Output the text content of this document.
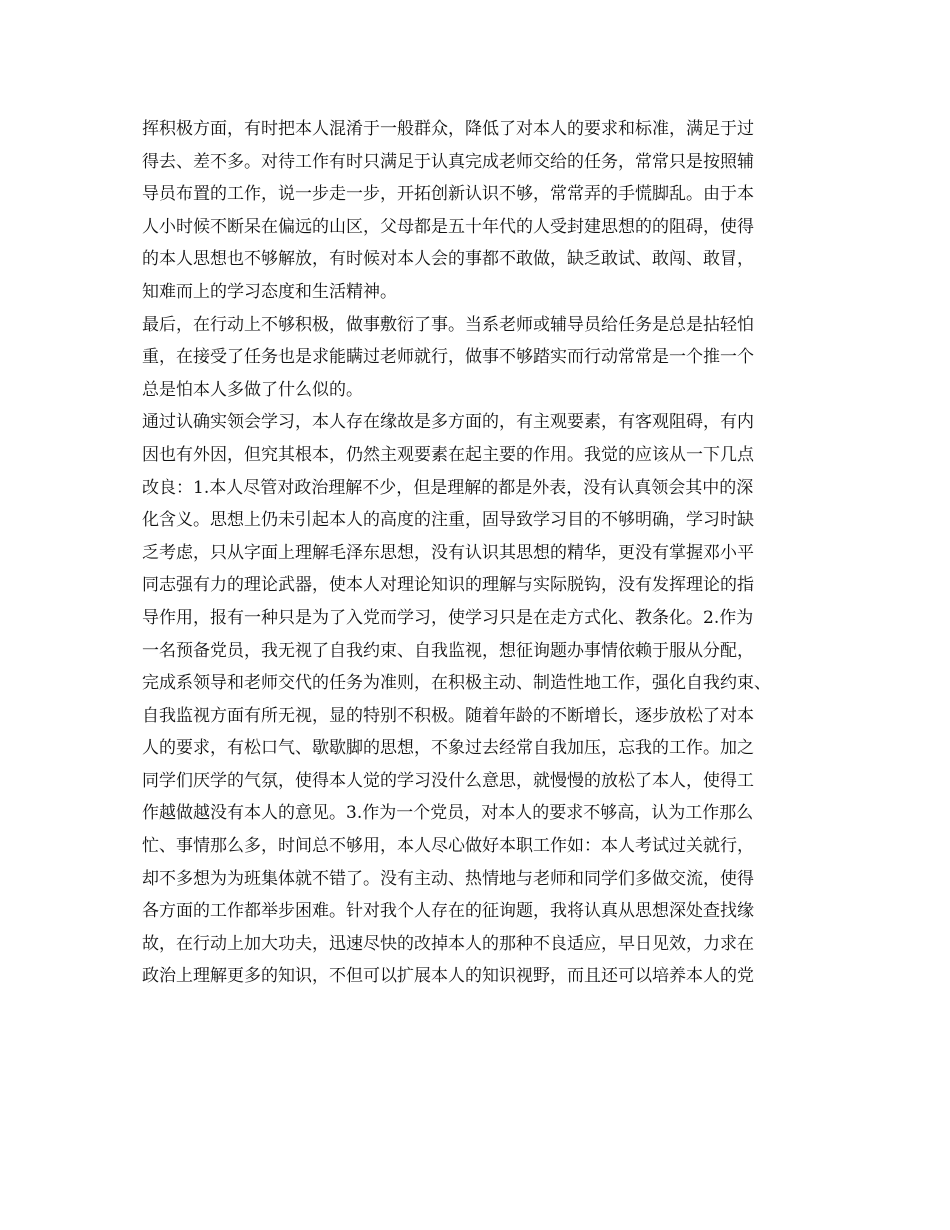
挥积极方面，有时把本人混淆于一般群众，降低了对本人的要求和标准，满足于过
得去、差不多。对待工作有时只满足于认真完成老师交给的任务，常常只是按照辅
导员布置的工作，说一步走一步，开拓创新认识不够，常常弄的手慌脚乱。由于本
人小时候不断呆在偏远的山区，父母都是五十年代的人受封建思想的的阻碍，使得
的本人思想也不够解放，有时候对本人会的事都不敢做，缺乏敢试、敢闯、敢冒，
知难而上的学习态度和生活精神。
最后，在行动上不够积极，做事敷衍了事。当系老师或辅导员给任务是总是拈轻怕
重，在接受了任务也是求能瞒过老师就行，做事不够踏实而行动常常是一个推一个
总是怕本人多做了什么似的。
通过认确实领会学习，本人存在缘故是多方面的，有主观要素，有客观阻碍，有内
因也有外因，但究其根本，仍然主观要素在起主要的作用。我觉的应该从一下几点
改良：1.本人尽管对政治理解不少，但是理解的都是外表，没有认真领会其中的深
化含义。思想上仍未引起本人的高度的注重，固导致学习目的不够明确，学习时缺
乏考虑，只从字面上理解毛泽东思想，没有认识其思想的精华，更没有掌握邓小平
同志强有力的理论武器，使本人对理论知识的理解与实际脱钩，没有发挥理论的指
导作用，报有一种只是为了入党而学习，使学习只是在走方式化、教条化。2.作为
一名预备党员，我无视了自我约束、自我监视，想征询题办事情依赖于服从分配，
完成系领导和老师交代的任务为准则，在积极主动、制造性地工作，强化自我约束、
自我监视方面有所无视，显的特别不积极。随着年龄的不断增长，逐步放松了对本
人的要求，有松口气、歇歇脚的思想，不象过去经常自我加压，忘我的工作。加之
同学们厌学的气氛，使得本人觉的学习没什么意思，就慢慢的放松了本人，使得工
作越做越没有本人的意见。3.作为一个党员，对本人的要求不够高，认为工作那么
忙、事情那么多，时间总不够用，本人尽心做好本职工作如：本人考试过关就行，
却不多想为为班集体就不错了。没有主动、热情地与老师和同学们多做交流，使得
各方面的工作都举步困难。针对我个人存在的征询题，我将认真从思想深处查找缘
故，在行动上加大功夫，迅速尽快的改掉本人的那种不良适应，早日见效，力求在
政治上理解更多的知识，不但可以扩展本人的知识视野，而且还可以培养本人的党
